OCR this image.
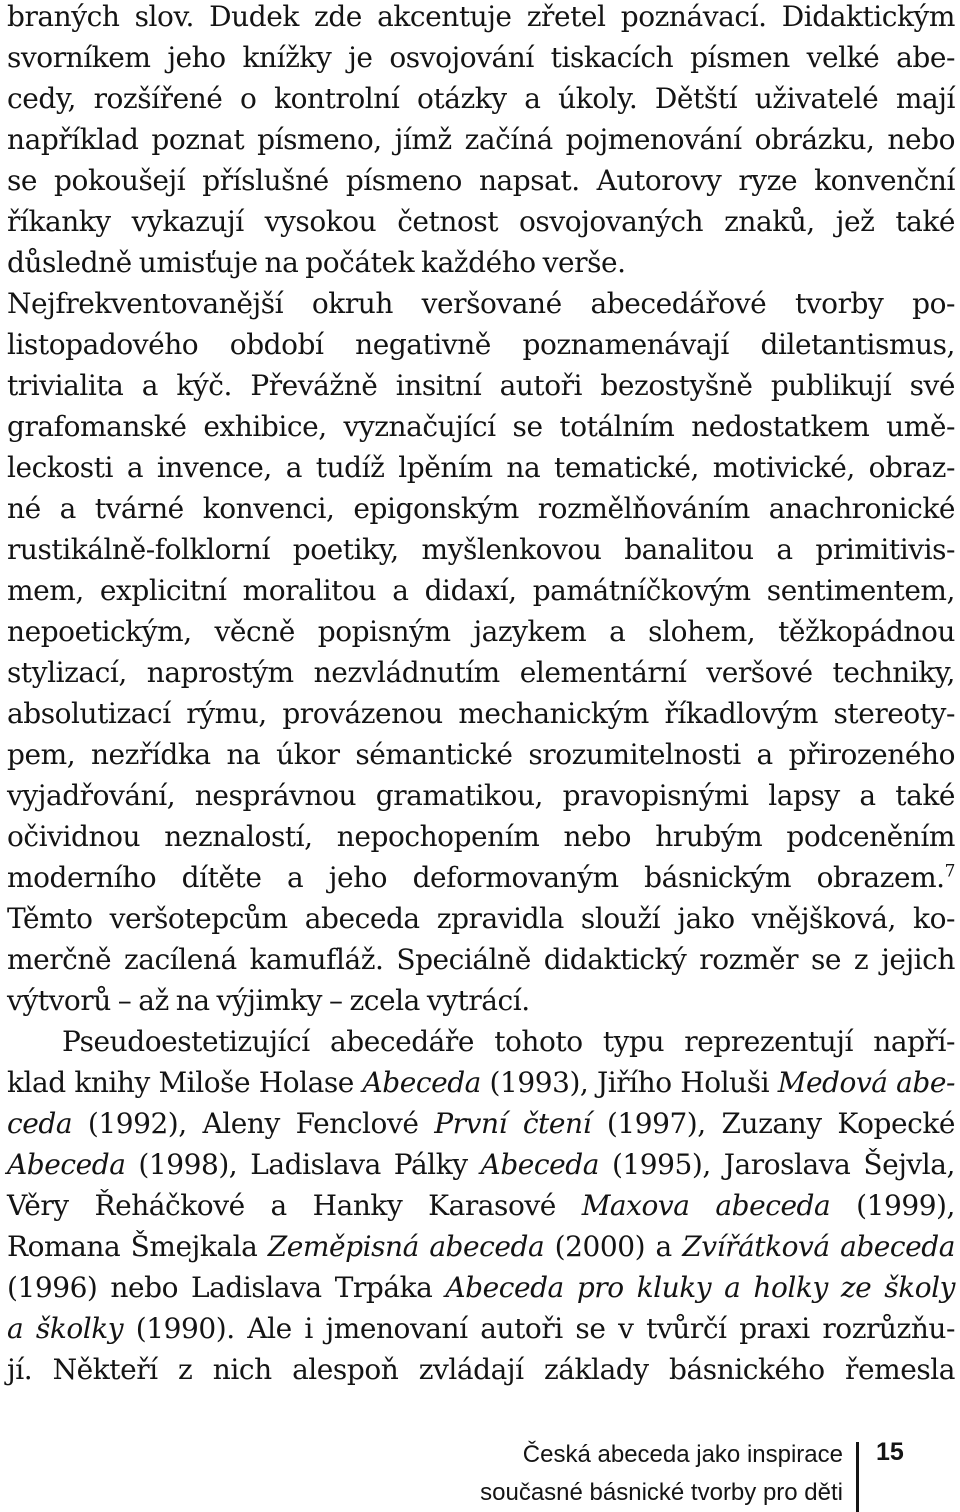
braných slov. Dudek zde akcentuje zřetel poznávací. Didaktickým
svorníkem jeho knížky je osvojování tiskacích písmen velké abe-
cedy, rozšířené o kontrolní otázky a úkoly. Dětští uživatelé mají
například poznat písmeno, jímž začíná pojmenování obrázku, nebo
se pokoušejí příslušné písmeno napsat. Autorovy ryze konvenční
říkanky vykazují vysokou četnost osvojovaných znaků, jež také
důsledně umisťuje na počátek každého verše.
Nejfrekventovanější okruh veršované abecedářové tvorby po-
listopadového období negativně poznamenávají diletantismus,
trivialita a kýč. Převážně insitní autoři bezostyšně publikují své
grafomanské exhibice, vyznačující se totálním nedostatkem umě-
leckosti a invence, a tudíž lpěním na tematické, motivické, obraz-
né a tvárné konvenci, epigonským rozmělňováním anachronické
rustikálně-folklorní poetiky, myšlenkovou banalitou a primitivis-
mem, explicitní moralitou a didaxí, památníčkovým sentimentem,
nepoetickým, věcně popisným jazykem a slohem, těžkopádnou
stylizací, naprostým nezvládnutím elementární veršové techniky,
absolutizací rýmu, provázenou mechanickým říkadlovým stereoty-
pem, nezřídka na úkor sémantické srozumitelnosti a přirozeného
vyjadřování, nesprávnou gramatikou, pravopisnými lapsy a také
očividnou neznalostí, nepochopením nebo hrubým podceněním
moderního dítěte a jeho deformovaným básnickým obrazem.$^7$
Těmto veršotepcům abeceda zpravidla slouží jako vnějšková, ko-
merčně zacílená kamufláž. Speciálně didaktický rozměr se z jejich
výtvorů – až na výjimky – zcela vytrácí.
Pseudoestetizující abecedáře tohoto typu reprezentují napří-
klad knihy Miloše Holase Abeceda (1993), Jiřího Holuši Medová abe-
ceda (1992), Aleny Fenclové První čtení (1997), Zuzany Kopecké
Abeceda (1998), Ladislava Pálky Abeceda (1995), Jaroslava Šejvla,
Věry Řeháčkové a Hanky Karasové Maxova abeceda (1999),
Romana Šmejkala Zeměpisná abeceda (2000) a Zvířátková abeceda
(1996) nebo Ladislava Trpáka Abeceda pro kluky a holky ze školy
a školky (1990). Ale i jmenovaní autoři se v tvůrčí praxi rozrůzňu-
jí. Někteří z nich alespoň zvládají základy básnického řemesla
Česká abeceda jako inspirace
současné básnické tvorby pro děti
15
